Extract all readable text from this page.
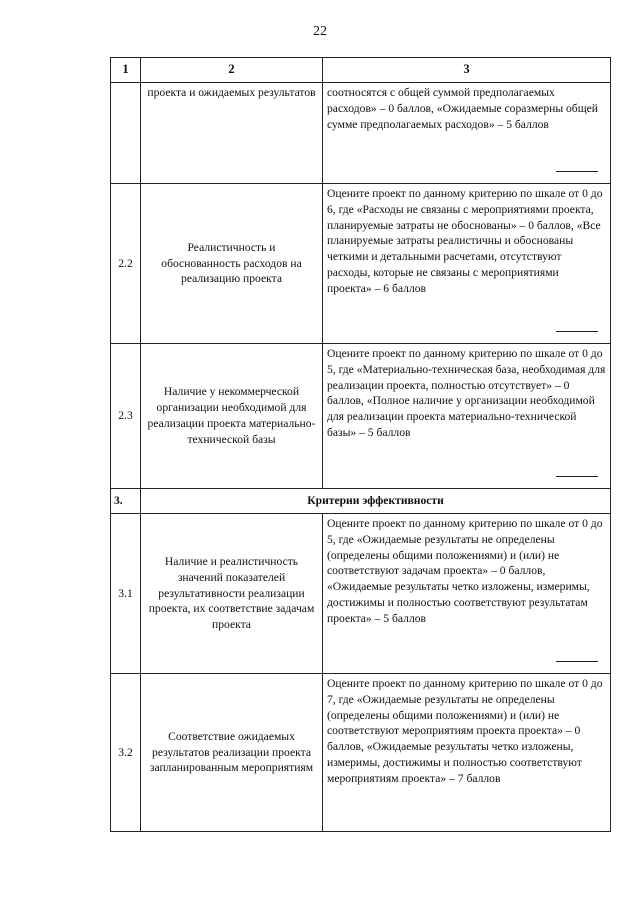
22
1	2	3
	проекта и ожидаемых результатов	соотносятся с общей суммой предполагаемых расходов» – 0 баллов, «Ожидаемые соразмерны общей сумме предполагаемых расходов» – 5 баллов

2.2	Реалистичность и обоснованность расходов на реализацию проекта	Оцените проект по данному критерию по шкале от 0 до 6, где «Расходы не связаны с мероприятиями проекта, планируемые затраты не обоснованы» – 0 баллов, «Все планируемые затраты реалистичны и обоснованы четкими и детальными расчетами, отсутствуют расходы, которые не связаны с мероприятиями проекта» – 6 баллов

2.3	Наличие у некоммерческой организации необходимой для реализации проекта материально-технической базы	Оцените проект по данному критерию по шкале от 0 до 5, где «Материально-техническая база, необходимая для реализации проекта, полностью отсутствует» – 0 баллов, «Полное наличие у организации необходимой для реализации проекта материально-технической базы» – 5 баллов

3.	Критерии эффективности	
3.1	Наличие и реалистичность значений показателей результативности реализации проекта, их соответствие задачам проекта	Оцените проект по данному критерию по шкале от 0 до 5, где «Ожидаемые результаты не определены (определены общими положениями) и (или) не соответствуют задачам проекта» – 0 баллов, «Ожидаемые результаты четко изложены, измеримы, достижимы и полностью соответствуют результатам проекта» – 5 баллов

3.2	Соответствие ожидаемых результатов реализации проекта запланированным мероприятиям	Оцените проект по данному критерию по шкале от 0 до 7, где «Ожидаемые результаты не определены (определены общими положениями) и (или) не соответствуют мероприятиям проекта проекта» – 0 баллов, «Ожидаемые результаты четко изложены, измеримы, достижимы и полностью соответствуют мероприятиям проекта» – 7 баллов
